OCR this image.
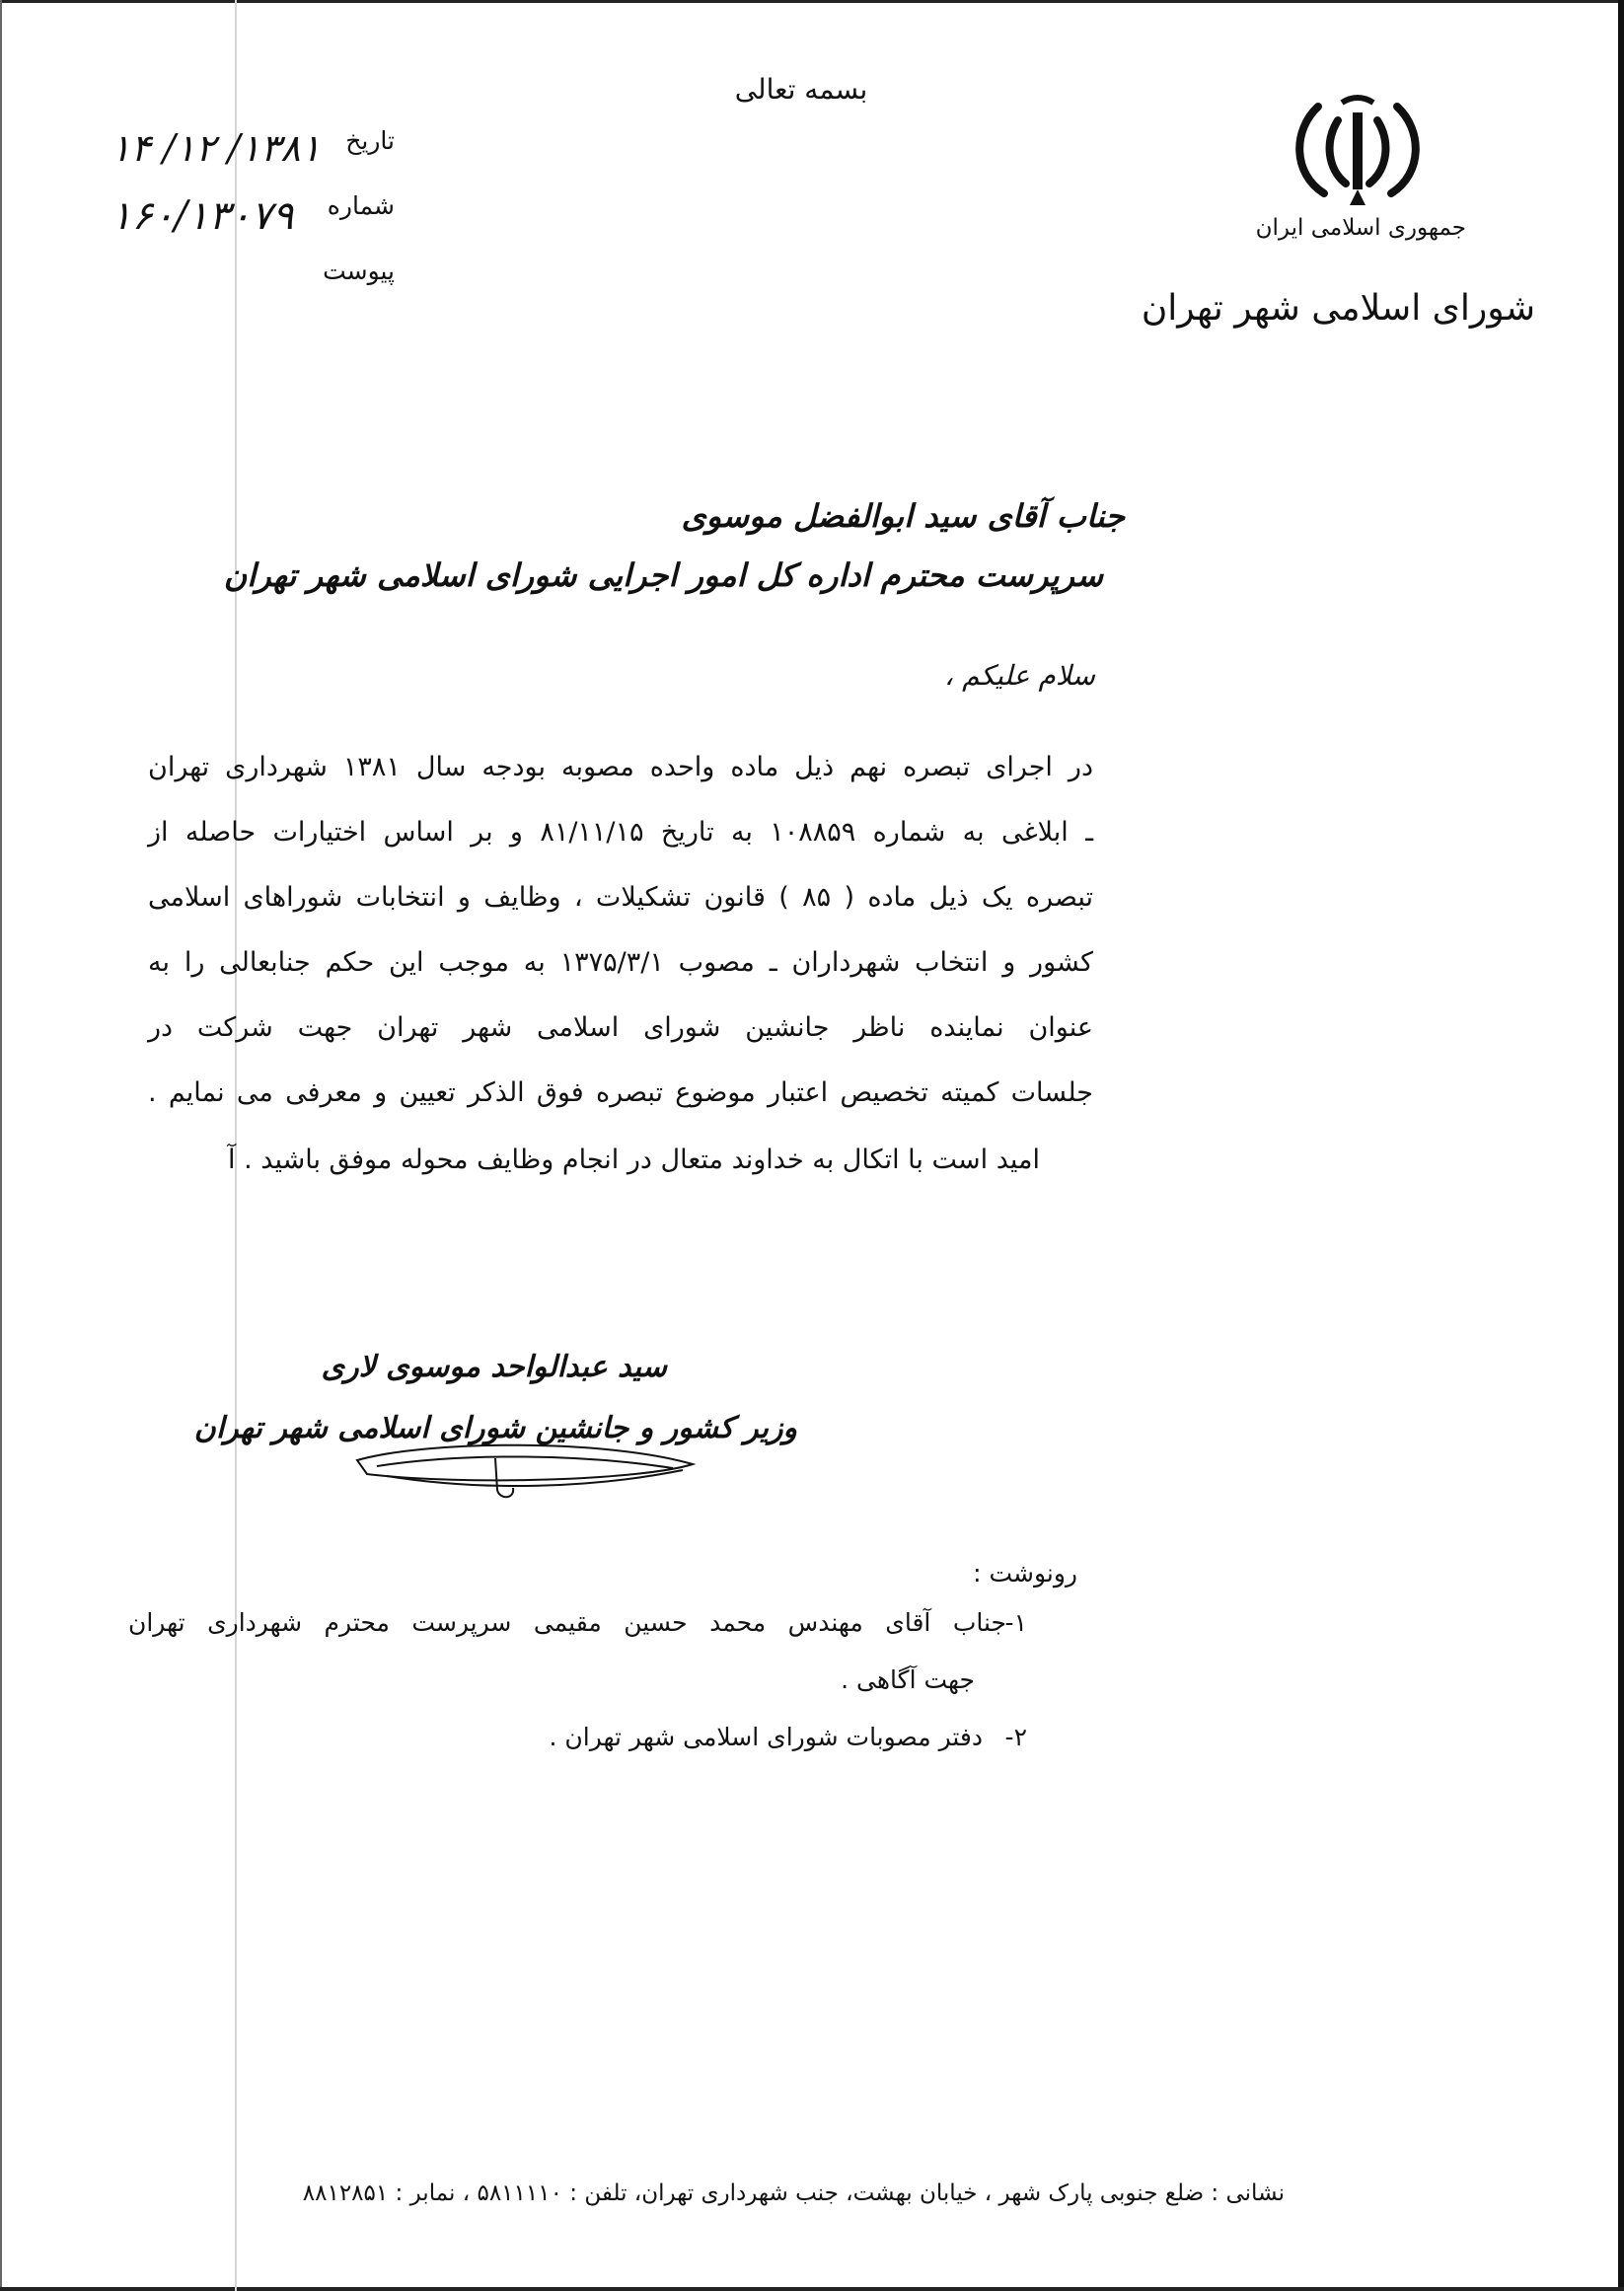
بسمه تعالی
جمهوری اسلامی ایران
شورای اسلامی شهر تهران
تاریخ
شماره
پیوست
۱۳۸۱/ ۱۲/ ۱۴
۱۶۰/۱۳۰۷۹
جناب آقای سید ابوالفضل موسوی
سرپرست محترم اداره کل امور اجرایی شورای اسلامی شهر تهران
سلام علیکم ،
در اجرای تبصره نهم ذیل ماده واحده مصوبه بودجه سال ۱۳۸۱ شهرداری تهران
ـ ابلاغی به شماره ۱۰۸۸۵۹ به تاریخ ۸۱/۱۱/۱۵ و بر اساس اختیارات حاصله از
تبصره یک ذیل ماده ( ۸۵ ) قانون تشکیلات ، وظایف و انتخابات شوراهای اسلامی
کشور و انتخاب شهرداران ـ مصوب ۱۳۷۵/۳/۱ به موجب این حکم جنابعالی را به
عنوان نماینده ناظر جانشین شورای اسلامی شهر تهران جهت شرکت در
جلسات کمیته تخصیص اعتبار موضوع تبصره فوق الذکر تعیین و معرفی می نمایم .
امید است با اتکال به خداوند متعال در انجام وظایف محوله موفق باشید . آ
سید عبدالواحد موسوی لاری
وزیر کشور و جانشین شورای اسلامی شهر تهران
رونوشت :
۱-
جناب آقای مهندس محمد حسین مقیمی سرپرست محترم شهرداری تهران
جهت آگاهی .
۲-
دفتر مصوبات شورای اسلامی شهر تهران .
نشانی : ضلع جنوبی پارک شهر ، خیابان بهشت، جنب شهرداری تهران، تلفن : ۵۸۱۱۱۱۰ ، نمابر : ۸۸۱۲۸۵۱
